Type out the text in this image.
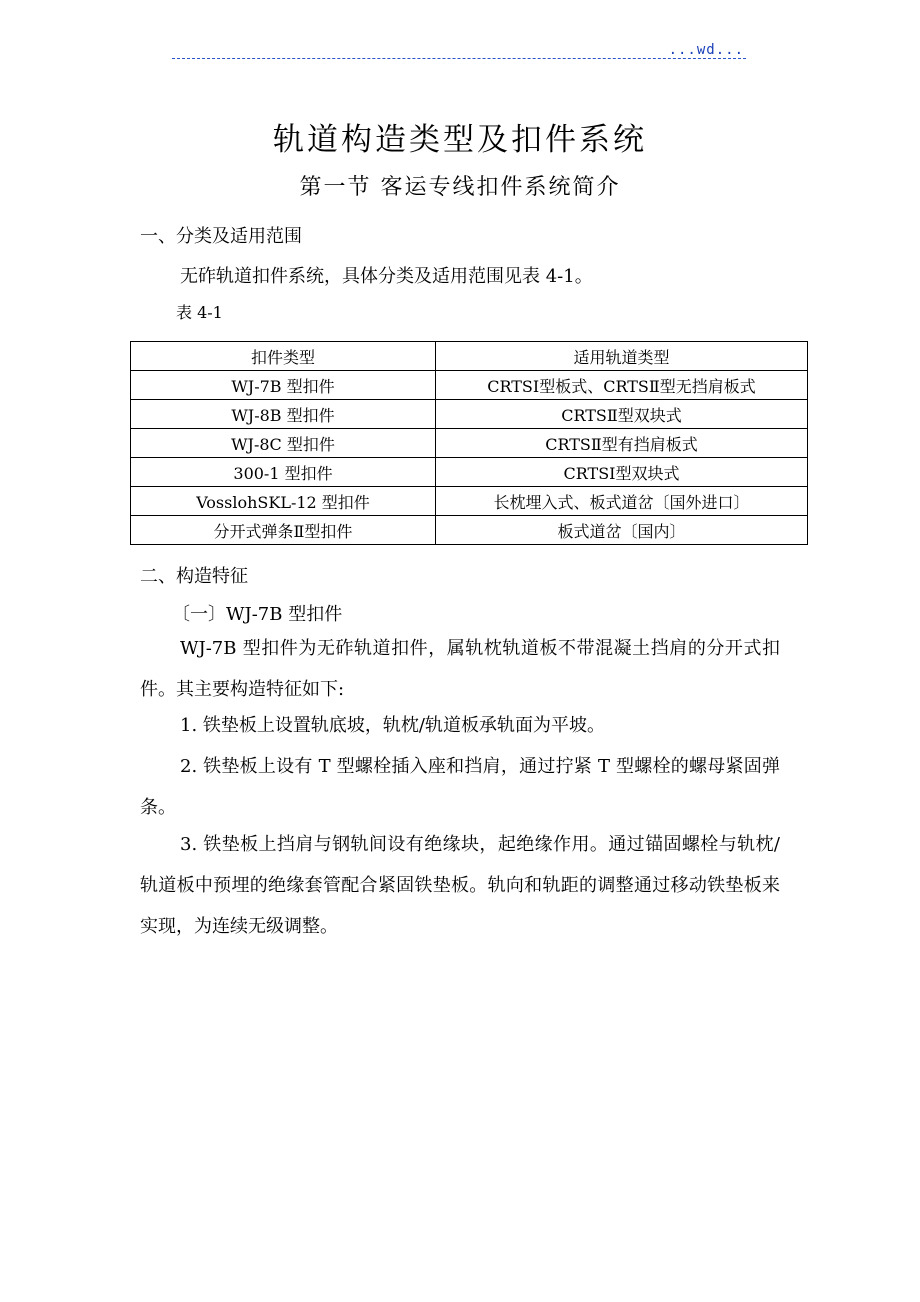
...wd...
轨道构造类型及扣件系统
第一节 客运专线扣件系统简介
一、分类及适用范围
无砟轨道扣件系统，具体分类及适用范围见表 4-1。
表 4-1
扣件类型	适用轨道类型
WJ-7B 型扣件	CRTSⅠ型板式、CRTSⅡ型无挡肩板式
WJ-8B 型扣件	CRTSⅡ型双块式
WJ-8C 型扣件	CRTSⅡ型有挡肩板式
300-1 型扣件	CRTSⅠ型双块式
VosslohSKL-12 型扣件	长枕埋入式、板式道岔〔国外进口〕
分开式弹条Ⅱ型扣件	板式道岔〔国内〕
二、构造特征
〔一〕WJ-7B 型扣件
WJ-7B 型扣件为无砟轨道扣件，属轨枕轨道板不带混凝土挡肩的分开式扣件。其主要构造特征如下:
1. 铁垫板上设置轨底坡，轨枕/轨道板承轨面为平坡。
2. 铁垫板上设有 T 型螺栓插入座和挡肩，通过拧紧 T 型螺栓的螺母紧固弹条。
3. 铁垫板上挡肩与钢轨间设有绝缘块，起绝缘作用。通过锚固螺栓与轨枕/轨道板中预埋的绝缘套管配合紧固铁垫板。轨向和轨距的调整通过移动铁垫板来实现，为连续无级调整。
